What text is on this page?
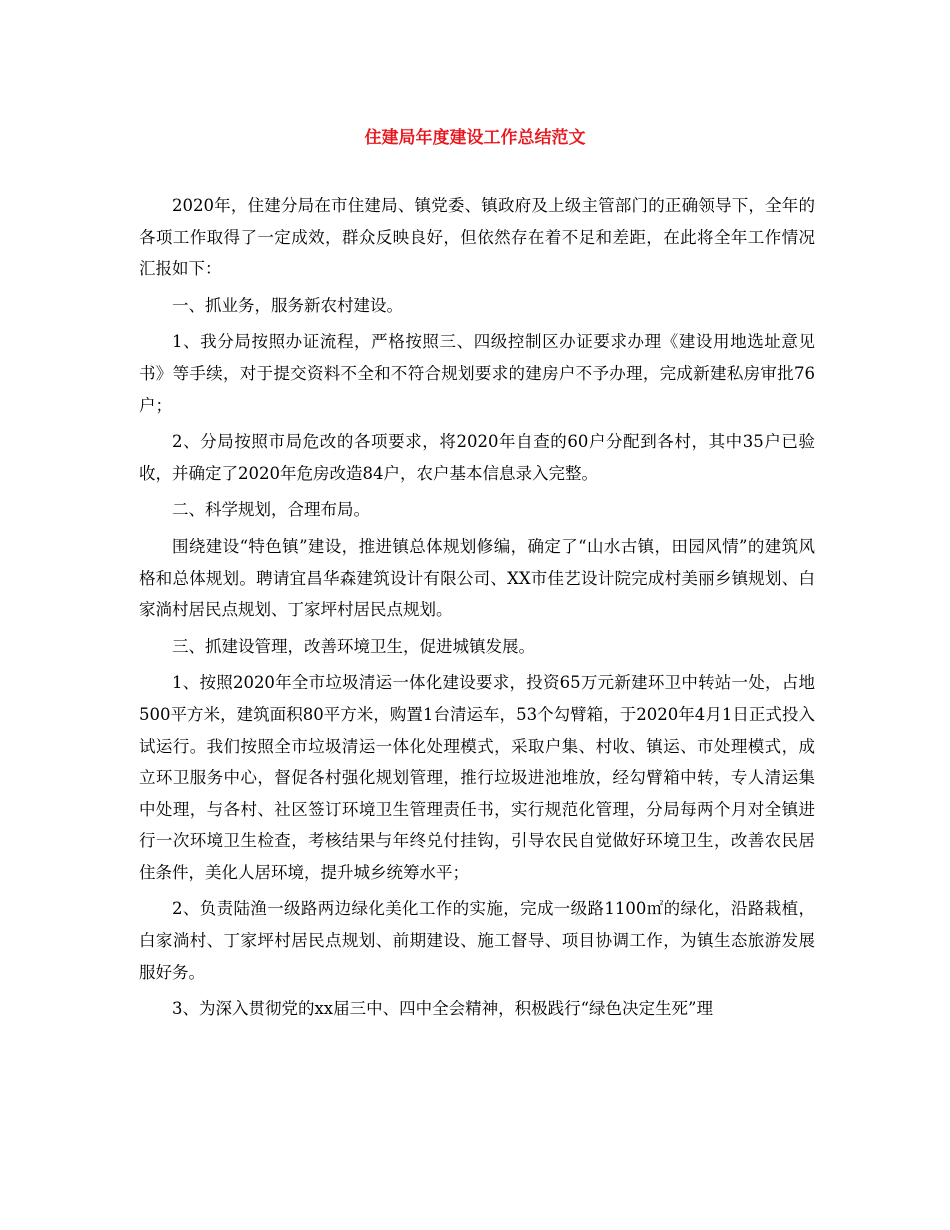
住建局年度建设工作总结范文

2020年，住建分局在市住建局、镇党委、镇政府及上级主管部门的正确领导下，全年的各项工作取得了一定成效，群众反映良好，但依然存在着不足和差距，在此将全年工作情况汇报如下：

一、抓业务，服务新农村建设。

1、我分局按照办证流程，严格按照三、四级控制区办证要求办理《建设用地选址意见书》等手续，对于提交资料不全和不符合规划要求的建房户不予办理，完成新建私房审批76户；

2、分局按照市局危改的各项要求，将2020年自查的60户分配到各村，其中35户已验收，并确定了2020年危房改造84户，农户基本信息录入完整。

二、科学规划，合理布局。

围绕建设“特色镇”建设，推进镇总体规划修编，确定了“山水古镇，田园风情”的建筑风格和总体规划。聘请宜昌华森建筑设计有限公司、XX市佳艺设计院完成村美丽乡镇规划、白家淌村居民点规划、丁家坪村居民点规划。

三、抓建设管理，改善环境卫生，促进城镇发展。

1、按照2020年全市垃圾清运一体化建设要求，投资65万元新建环卫中转站一处，占地500平方米，建筑面积80平方米，购置1台清运车，53个勾臂箱，于2020年4月1日正式投入试运行。我们按照全市垃圾清运一体化处理模式，采取户集、村收、镇运、市处理模式，成立环卫服务中心，督促各村强化规划管理，推行垃圾进池堆放，经勾臂箱中转，专人清运集中处理，与各村、社区签订环境卫生管理责任书，实行规范化管理，分局每两个月对全镇进行一次环境卫生检查，考核结果与年终兑付挂钩，引导农民自觉做好环境卫生，改善农民居住条件，美化人居环境，提升城乡统筹水平；

2、负责陆渔一级路两边绿化美化工作的实施，完成一级路1100㎡的绿化，沿路栽植，白家淌村、丁家坪村居民点规划、前期建设、施工督导、项目协调工作，为镇生态旅游发展服好务。

3、为深入贯彻党的xx届三中、四中全会精神，积极践行“绿色决定生死”理
